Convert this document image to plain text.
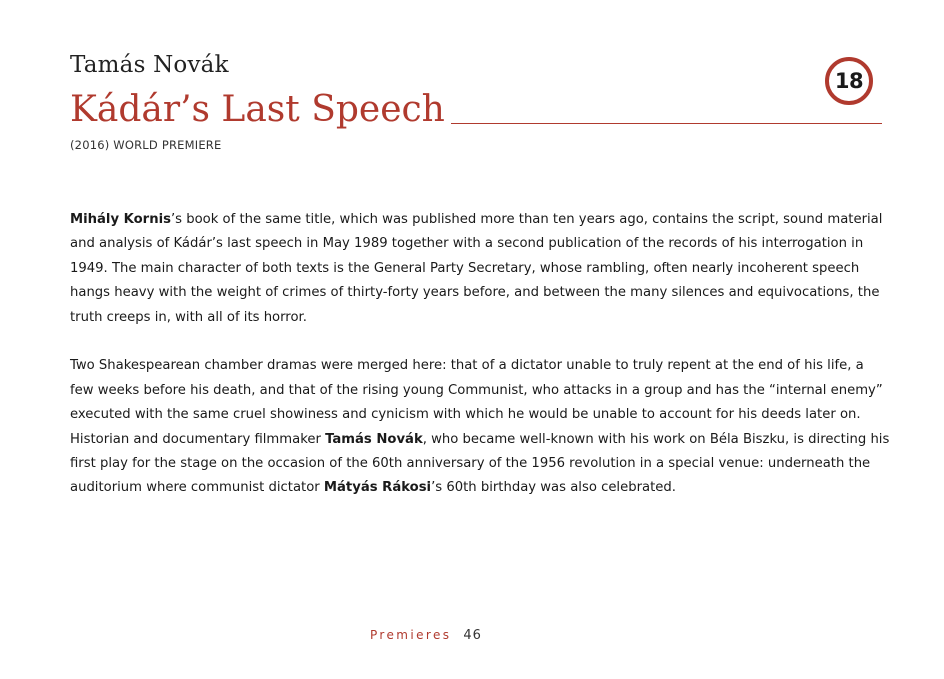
Tamás Novák
Kádár’s Last Speech
18
(2016) WORLD PREMIERE

Mihály Kornis’s book of the same title, which was published more than ten years ago, contains the script, sound material and analysis of Kádár’s last speech in May 1989 together with a second publication of the records of his interrogation in 1949. The main character of both texts is the General Party Secretary, whose rambling, often nearly incoherent speech hangs heavy with the weight of crimes of thirty-forty years before, and between the many silences and equivocations, the truth creeps in, with all of its horror.

Two Shakespearean chamber dramas were merged here: that of a dictator unable to truly repent at the end of his life, a few weeks before his death, and that of the rising young Communist, who attacks in a group and has the “internal enemy” executed with the same cruel showiness and cynicism with which he would be unable to account for his deeds later on. Historian and documentary filmmaker Tamás Novák, who became well-known with his work on Béla Biszku, is directing his first play for the stage on the occasion of the 60th anniversary of the 1956 revolution in a special venue: underneath the auditorium where communist dictator Mátyás Rákosi’s 60th birthday was also celebrated.

Premieres 46
